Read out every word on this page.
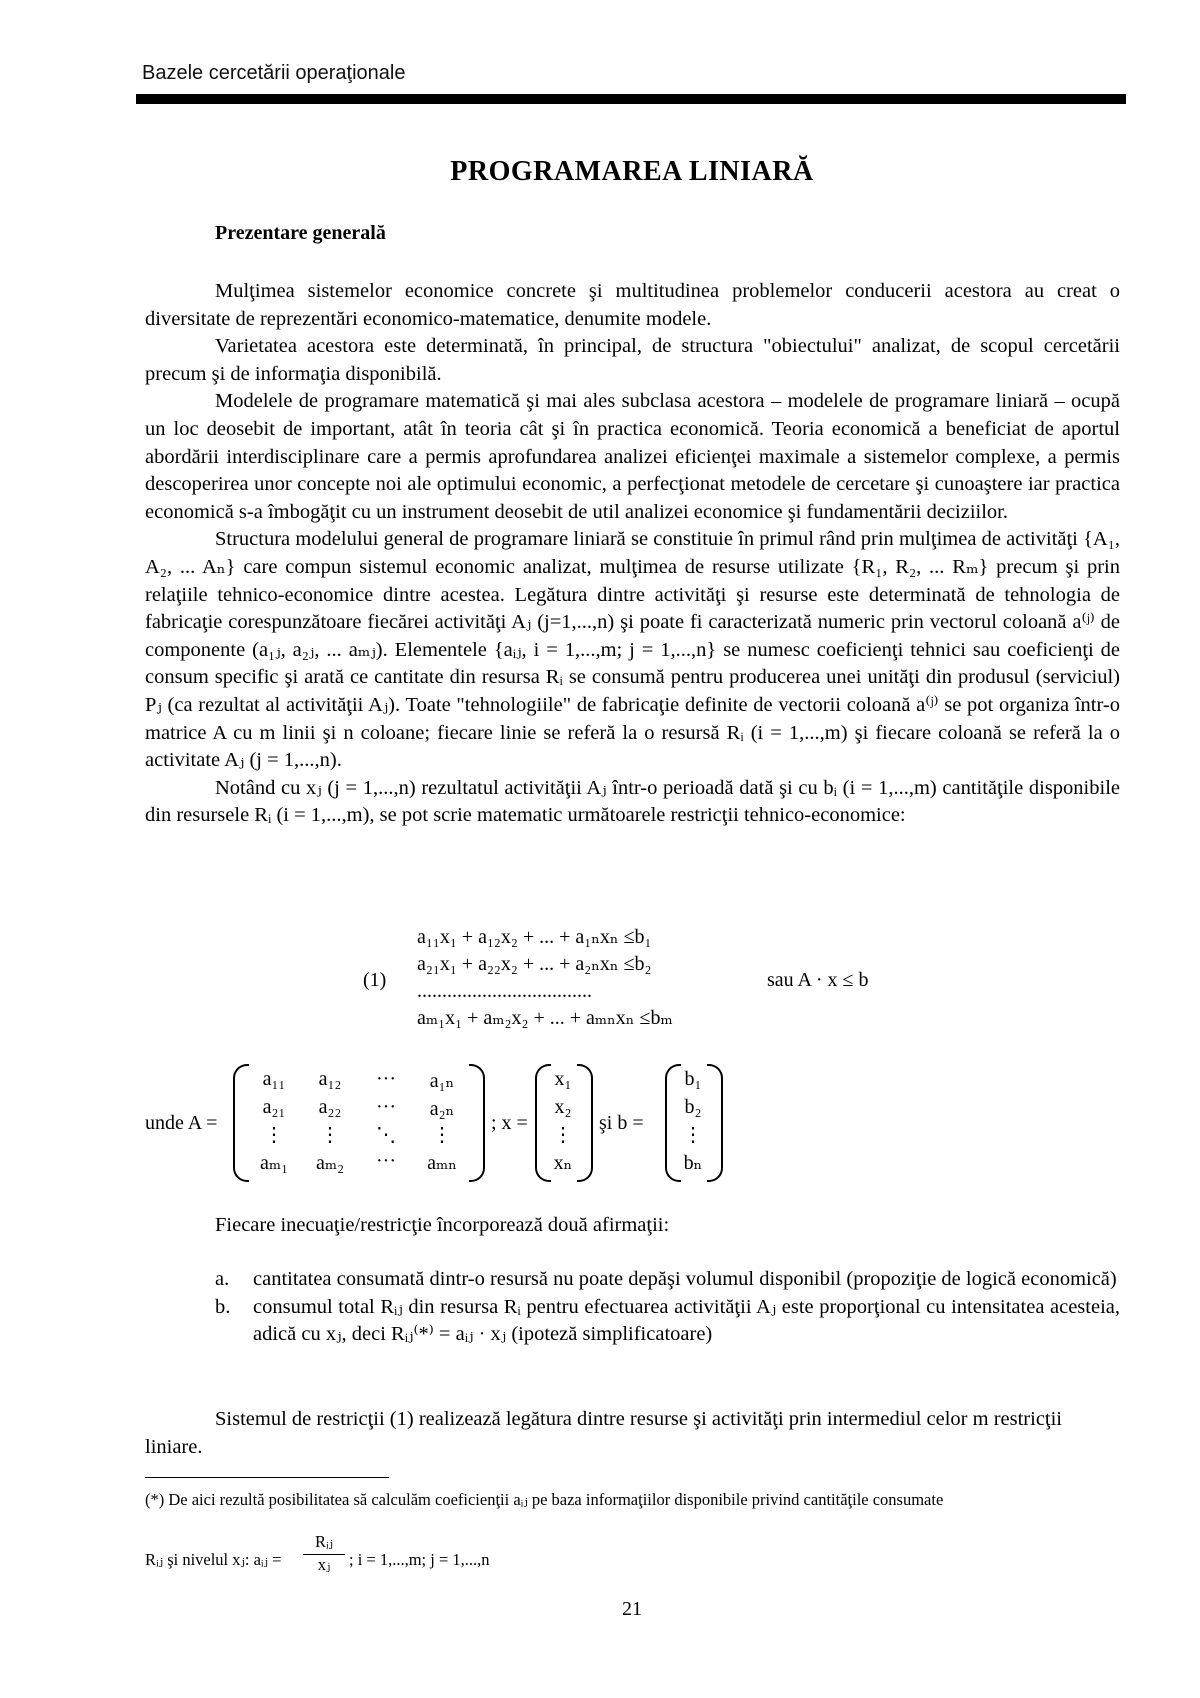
Bazele cercetării operaţionale
PROGRAMAREA LINIARĂ
Prezentare generală

Mulţimea sistemelor economice concrete şi multitudinea problemelor conducerii acestora au creat o diversitate de reprezentări economico-matematice, denumite modele.

Varietatea acestora este determinată, în principal, de structura "obiectului" analizat, de scopul cercetării precum şi de informaţia disponibilă.

Modelele de programare matematică şi mai ales subclasa acestora – modelele de programare liniară – ocupă un loc deosebit de important, atât în teoria cât şi în practica economică. Teoria economică a beneficiat de aportul abordării interdisciplinare care a permis aprofundarea analizei eficienţei maximale a sistemelor complexe, a permis descoperirea unor concepte noi ale optimului economic, a perfecţionat metodele de cercetare şi cunoaştere iar practica economică s-a îmbogăţit cu un instrument deosebit de util analizei economice şi fundamentării deciziilor.

Structura modelului general de programare liniară se constituie în primul rând prin mulţimea de activităţi {A₁, A₂, ... Aₙ} care compun sistemul economic analizat, mulţimea de resurse utilizate {R₁, R₂, ... Rₘ} precum şi prin relaţiile tehnico-economice dintre acestea. Legătura dintre activităţi şi resurse este determinată de tehnologia de fabricaţie corespunzătoare fiecărei activităţi Aⱼ (j=1,...,n) şi poate fi caracterizată numeric prin vectorul coloană a⁽ʲ⁾ de componente (a₁ⱼ, a₂ⱼ, ... aₘⱼ). Elementele {aᵢⱼ, i = 1,...,m; j = 1,...,n} se numesc coeficienţi tehnici sau coeficienţi de consum specific şi arată ce cantitate din resursa Rᵢ se consumă pentru producerea unei unităţi din produsul (serviciul) Pⱼ (ca rezultat al activităţii Aⱼ). Toate "tehnologiile" de fabricaţie definite de vectorii coloană a⁽ʲ⁾ se pot organiza într-o matrice A cu m linii şi n coloane; fiecare linie se referă la o resursă Rᵢ (i = 1,...,m) şi fiecare coloană se referă la o activitate Aⱼ (j = 1,...,n).

Notând cu xⱼ (j = 1,...,n) rezultatul activităţii Aⱼ într-o perioadă dată şi cu bᵢ (i = 1,...,m) cantităţile disponibile din resursele Rᵢ (i = 1,...,m), se pot scrie matematic următoarele restricţii tehnico-economice:

(1)
a₁₁x₁ + a₁₂x₂ + ... + a₁ₙxₙ ≤b₁
a₂₁x₁ + a₂₂x₂ + ... + a₂ₙxₙ ≤b₂
...................................
aₘ₁x₁ + aₘ₂x₂ + ... + aₘₙxₙ ≤bₘ
sau A · x ≤ b
unde A =
a₁₁	a₁₂	···	a₁ₙ
a₂₁	a₂₂	···	a₂ₙ
⋮	⋮	⋱	⋮
aₘ₁	aₘ₂	···	aₘₙ
; x =
x₁
x₂
⋮
xₙ
şi b =
b₁
b₂
⋮
bₙ
Fiecare inecuaţie/restricţie încorporează două afirmaţii:
a. cantitatea consumată dintr-o resursă nu poate depăşi volumul disponibil (propoziţie de logică economică)
b. consumul total Rᵢⱼ din resursa Rᵢ pentru efectuarea activităţii Aⱼ este proporţional cu intensitatea acesteia, adică cu xⱼ, deci Rᵢⱼ⁽*⁾ = aᵢⱼ · xⱼ (ipoteză simplificatoare)

Sistemul de restricţii (1) realizează legătura dintre resurse şi activităţi prin intermediul celor m restricţii liniare.

(*) De aici rezultă posibilitatea să calculăm coeficienţii aᵢⱼ pe baza informaţiilor disponibile privind cantităţile consumate
Rᵢⱼ şi nivelul xⱼ: aᵢⱼ =
Rᵢⱼ
xⱼ	; i = 1,...,m; j = 1,...,n
21
